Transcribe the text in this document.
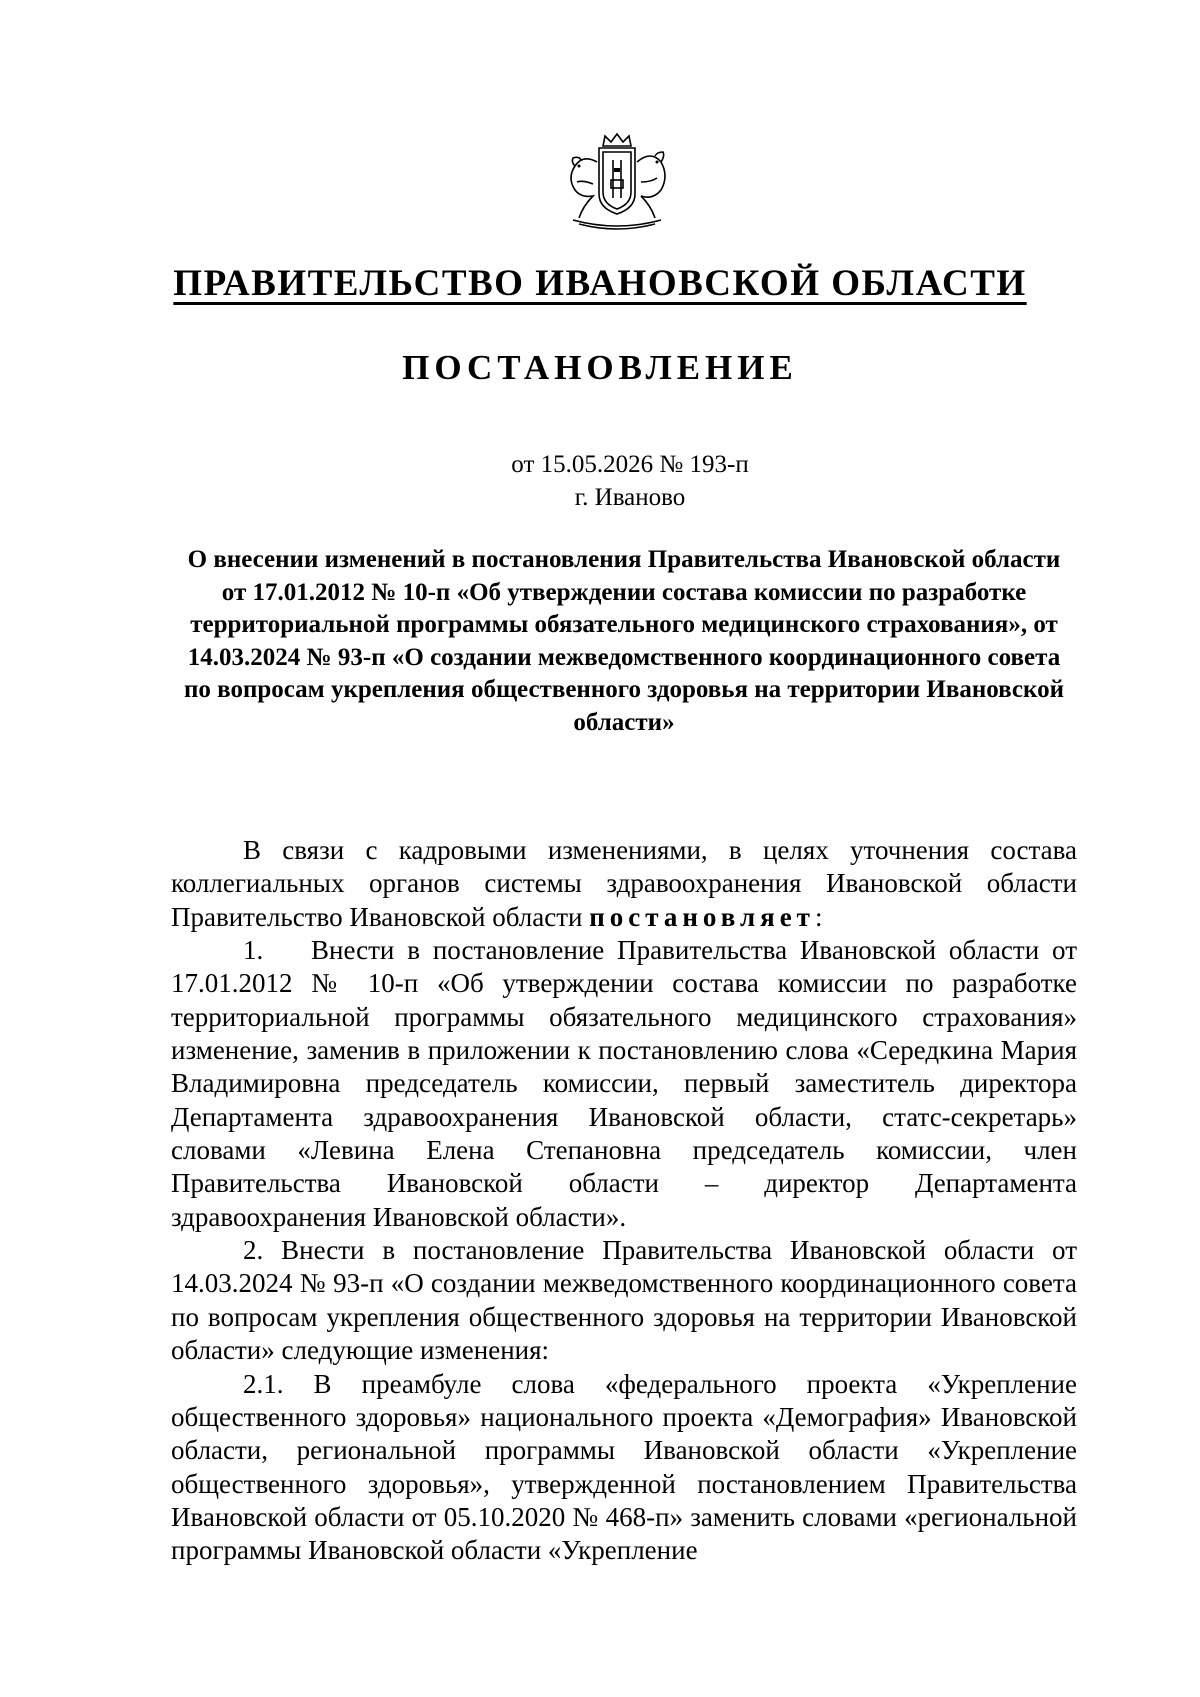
ПРАВИТЕЛЬСТВО ИВАНОВСКОЙ ОБЛАСТИ
ПОСТАНОВЛЕНИЕ
от 15.05.2026 № 193-п
г. Иваново
О внесении изменений в постановления Правительства Ивановской области от 17.01.2012 № 10-п «Об утверждении состава комиссии по разработке территориальной программы обязательного медицинского страхования», от 14.03.2024 № 93-п «О создании межведомственного координационного совета по вопросам укрепления общественного здоровья на территории Ивановской области»

В связи с кадровыми изменениями, в целях уточнения состава коллегиальных органов системы здравоохранения Ивановской области Правительство Ивановской области постановляет:

1. Внести в постановление Правительства Ивановской области от 17.01.2012 № 10-п «Об утверждении состава комиссии по разработке территориальной программы обязательного медицинского страхования» изменение, заменив в приложении к постановлению слова «Середкина Мария Владимировна председатель комиссии, первый заместитель директора Департамента здравоохранения Ивановской области, статс-секретарь» словами «Левина Елена Степановна председатель комиссии, член Правительства Ивановской области – директор Департамента здравоохранения Ивановской области».

2. Внести в постановление Правительства Ивановской области от 14.03.2024 № 93-п «О создании межведомственного координационного совета по вопросам укрепления общественного здоровья на территории Ивановской области» следующие изменения:

2.1. В преамбуле слова «федерального проекта «Укрепление общественного здоровья» национального проекта «Демография» Ивановской области, региональной программы Ивановской области «Укрепление общественного здоровья», утвержденной постановлением Правительства Ивановской области от 05.10.2020 № 468-п» заменить словами «региональной программы Ивановской области «Укрепление
